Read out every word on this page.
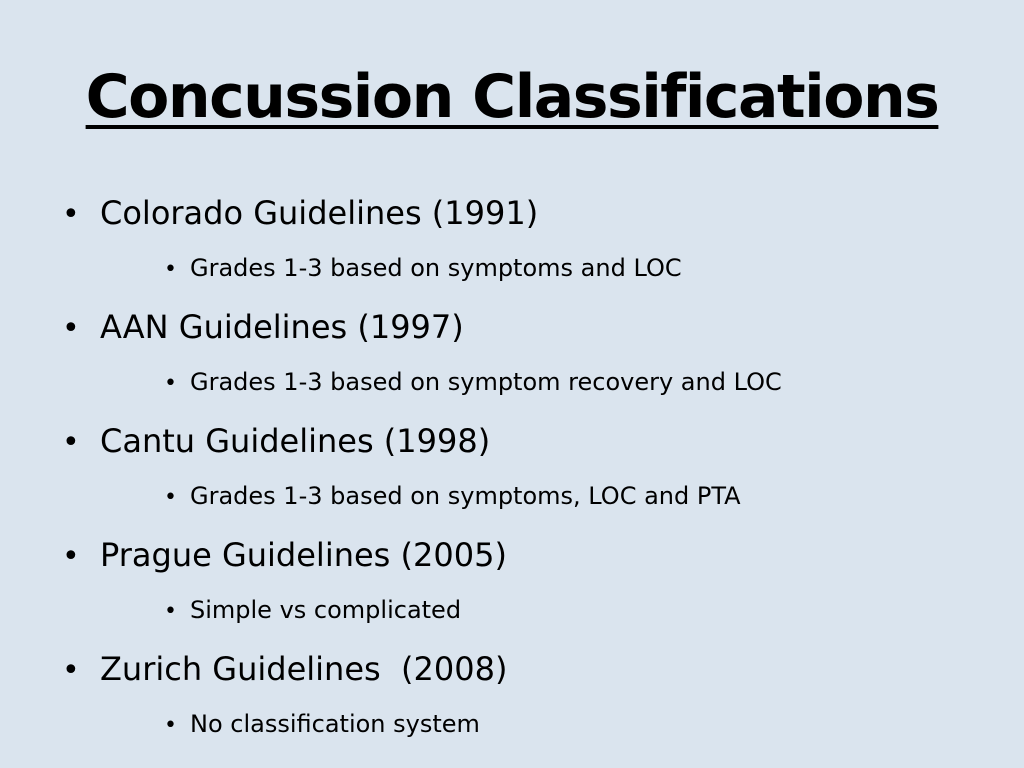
Concussion Classifications
• Colorado Guidelines (1991)
• Grades 1-3 based on symptoms and LOC
• AAN Guidelines (1997)
• Grades 1-3 based on symptom recovery and LOC
• Cantu Guidelines (1998)
• Grades 1-3 based on symptoms, LOC and PTA
• Prague Guidelines (2005)
• Simple vs complicated
• Zurich Guidelines  (2008)
• No classification system
